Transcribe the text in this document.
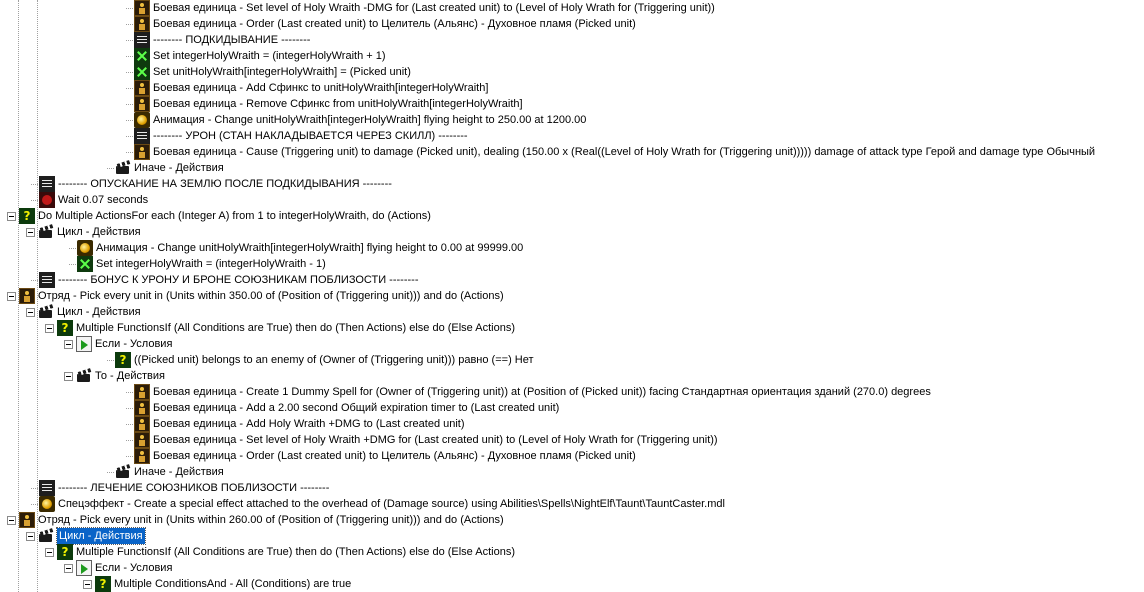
Боевая единица - Set level of Holy Wraith -DMG for (Last created unit) to (Level of Holy Wrath for (Triggering unit))
Боевая единица - Order (Last created unit) to Целитель (Альянс) - Духовное пламя (Picked unit)
-------- ПОДКИДЫВАНИЕ --------
Set integerHolyWraith = (integerHolyWraith + 1)
Set unitHolyWraith[integerHolyWraith] = (Picked unit)
Боевая единица - Add Сфинкс to unitHolyWraith[integerHolyWraith]
Боевая единица - Remove Сфинкс from unitHolyWraith[integerHolyWraith]
Анимация - Change unitHolyWraith[integerHolyWraith] flying height to 250.00 at 1200.00
-------- УРОН (СТАН НАКЛАДЫВАЕТСЯ ЧЕРЕЗ СКИЛЛ) --------
Боевая единица - Cause (Triggering unit) to damage (Picked unit), dealing (150.00 x (Real((Level of Holy Wrath for (Triggering unit))))) damage of attack type Герой and damage type Обычный
Иначе - Действия
-------- ОПУСКАНИЕ НА ЗЕМЛЮ ПОСЛЕ ПОДКИДЫВАНИЯ --------
Wait 0.07 seconds
?
Do Multiple ActionsFor each (Integer A) from 1 to integerHolyWraith, do (Actions)
Цикл - Действия
Анимация - Change unitHolyWraith[integerHolyWraith] flying height to 0.00 at 99999.00
Set integerHolyWraith = (integerHolyWraith - 1)
-------- БОНУС К УРОНУ И БРОНЕ СОЮЗНИКАМ ПОБЛИЗОСТИ --------
Отряд - Pick every unit in (Units within 350.00 of (Position of (Triggering unit))) and do (Actions)
Цикл - Действия
?
Multiple FunctionsIf (All Conditions are True) then do (Then Actions) else do (Else Actions)
Если - Условия
?
((Picked unit) belongs to an enemy of (Owner of (Triggering unit))) равно (==) Нет
То - Действия
Боевая единица - Create 1 Dummy Spell for (Owner of (Triggering unit)) at (Position of (Picked unit)) facing Стандартная ориентация зданий (270.0) degrees
Боевая единица - Add a 2.00 second Общий expiration timer to (Last created unit)
Боевая единица - Add Holy Wraith +DMG to (Last created unit)
Боевая единица - Set level of Holy Wraith +DMG for (Last created unit) to (Level of Holy Wrath for (Triggering unit))
Боевая единица - Order (Last created unit) to Целитель (Альянс) - Духовное пламя (Picked unit)
Иначе - Действия
-------- ЛЕЧЕНИЕ СОЮЗНИКОВ ПОБЛИЗОСТИ --------
Спецэффект - Create a special effect attached to the overhead of (Damage source) using Abilities\Spells\NightElf\Taunt\TauntCaster.mdl
Отряд - Pick every unit in (Units within 260.00 of (Position of (Triggering unit))) and do (Actions)
Цикл - Действия
?
Multiple FunctionsIf (All Conditions are True) then do (Then Actions) else do (Else Actions)
Если - Условия
?
Multiple ConditionsAnd - All (Conditions) are true
